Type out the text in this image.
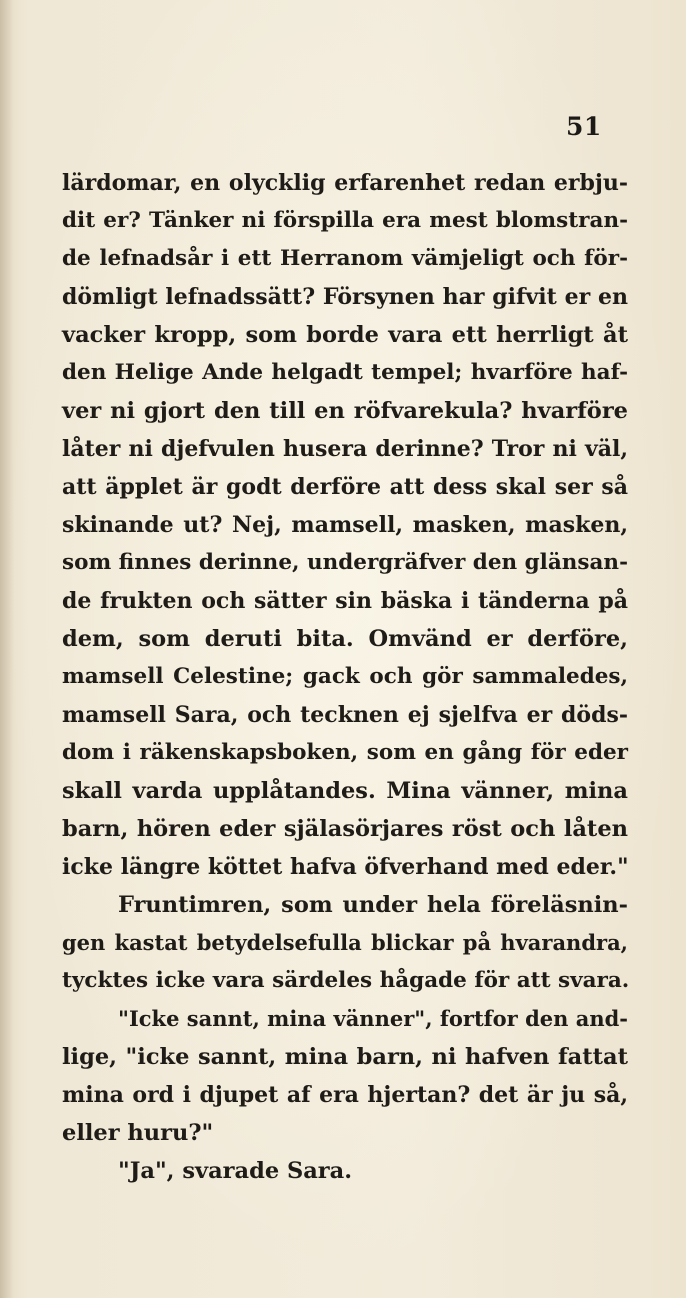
51
lärdomar, en olycklig erfarenhet redan erbju-
dit er? Tänker ni förspilla era mest blomstran-
de lefnadsår i ett Herranom vämjeligt och för-
dömligt lefnadssätt? Försynen har gifvit er en
vacker kropp, som borde vara ett herrligt åt
den Helige Ande helgadt tempel; hvarföre haf-
ver ni gjort den till en röfvarekula? hvarföre
låter ni djefvulen husera derinne? Tror ni väl,
att äpplet är godt derföre att dess skal ser så
skinande ut? Nej, mamsell, masken, masken,
som finnes derinne, undergräfver den glänsan-
de frukten och sätter sin bäska i tänderna på
dem, som deruti bita. Omvänd er derföre,
mamsell Celestine; gack och gör sammaledes,
mamsell Sara, och tecknen ej sjelfva er döds-
dom i räkenskapsboken, som en gång för eder
skall varda upplåtandes. Mina vänner, mina
barn, hören eder själasörjares röst och låten
icke längre köttet hafva öfverhand med eder."
Fruntimren, som under hela föreläsnin-
gen kastat betydelsefulla blickar på hvarandra,
tycktes icke vara särdeles hågade för att svara.
"Icke sannt, mina vänner", fortfor den and-
lige, "icke sannt, mina barn, ni hafven fattat
mina ord i djupet af era hjertan? det är ju så,
eller huru?"
"Ja", svarade Sara.
